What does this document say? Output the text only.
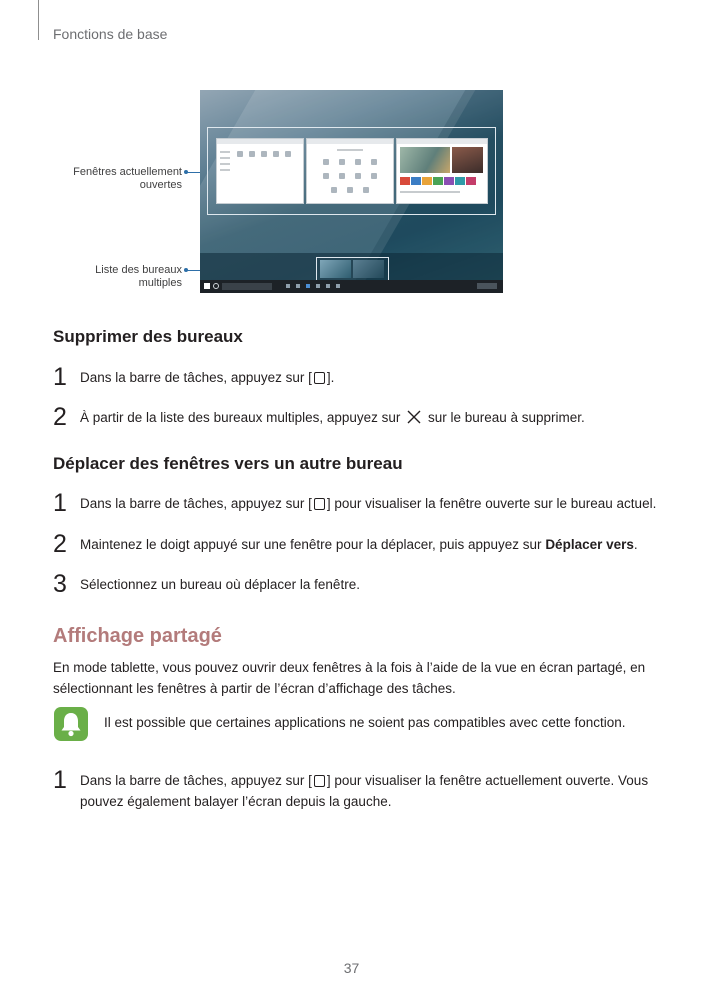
Fonctions de base
Fenêtres actuellement
ouvertes
Liste des bureaux
multiples
Supprimer des bureaux
1 Dans la barre de tâches, appuyez sur [ ].
2 À partir de la liste des bureaux multiples, appuyez sur sur le bureau à supprimer.
Déplacer des fenêtres vers un autre bureau
1 Dans la barre de tâches, appuyez sur [ ] pour visualiser la fenêtre ouverte sur le bureau actuel.
2 Maintenez le doigt appuyé sur une fenêtre pour la déplacer, puis appuyez sur Déplacer vers.
3 Sélectionnez un bureau où déplacer la fenêtre.
Affichage partagé
En mode tablette, vous pouvez ouvrir deux fenêtres à la fois à l’aide de la vue en écran partagé, en
sélectionnant les fenêtres à partir de l’écran d’affichage des tâches.
Il est possible que certaines applications ne soient pas compatibles avec cette fonction.
1 Dans la barre de tâches, appuyez sur [ ] pour visualiser la fenêtre actuellement ouverte. Vous
pouvez également balayer l’écran depuis la gauche.
37
